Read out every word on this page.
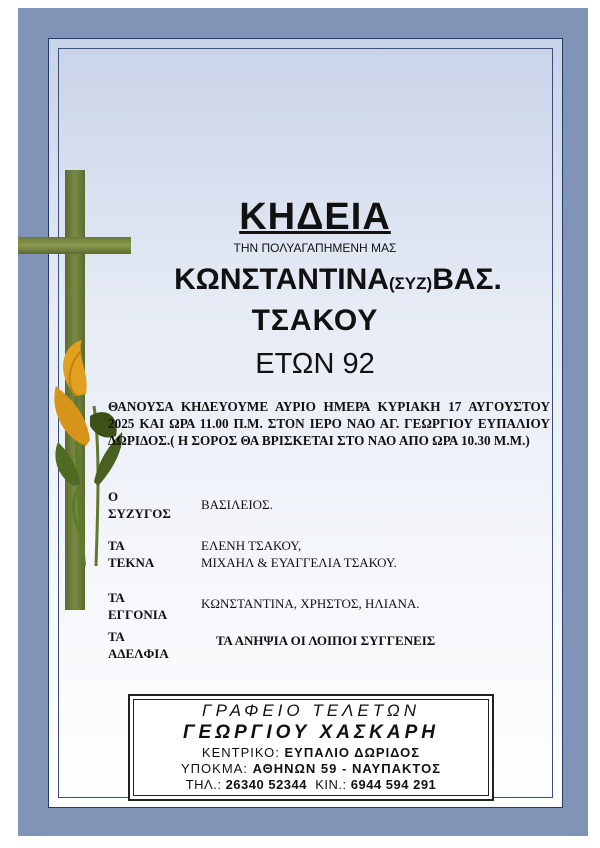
ΚΗΔΕΙΑ
ΤΗΝ ΠΟΛΥΑΓΑΠΗΜΕΝΗ ΜΑΣ
ΚΩΝΣΤΑΝΤΙΝΑ(ΣΥΖ)ΒΑΣ.
ΤΣΑΚΟΥ
ΕΤΩΝ 92
ΘΑΝΟΥΣΑ ΚΗΔΕΥΟΥΜΕ ΑΥΡΙΟ ΗΜΕΡΑ ΚΥΡΙΑΚΗ 17 ΑΥΓΟΥΣΤΟΥ 2025 ΚΑΙ ΩΡΑ 11.00 Π.Μ. ΣΤΟΝ ΙΕΡΟ ΝΑΟ ΑΓ. ΓΕΩΡΓΙΟΥ ΕΥΠΑΛΙΟΥ ΔΩΡΙΔΟΣ.( Η ΣΟΡΟΣ ΘΑ ΒΡΙΣΚΕΤΑΙ ΣΤΟ ΝΑΟ ΑΠΟ ΩΡΑ 10.30 Μ.Μ.)
Ο
ΣΥΖΥΓΟΣ
ΒΑΣΙΛΕΙΟΣ.
ΤΑ
ΤΕΚΝΑ
ΕΛΕΝΗ ΤΣΑΚΟΥ,
ΜΙΧΑΗΛ & ΕΥΑΓΓΕΛΙΑ ΤΣΑΚΟΥ.
ΤΑ
ΕΓΓΟΝΙΑ
ΚΩΝΣΤΑΝΤΙΝΑ, ΧΡΗΣΤΟΣ, ΗΛΙΑΝΑ.
ΤΑ
ΑΔΕΛΦΙΑ
ΤΑ ΑΝΗΨΙΑ ΟΙ ΛΟΙΠΟΙ ΣΥΓΓΕΝΕΙΣ
ΓΡΑΦΕΙΟ ΤΕΛΕΤΩΝ
ΓΕΩΡΓΙΟΥ ΧΑΣΚΑΡΗ
ΚΕΝΤΡΙΚΟ: ΕΥΠΑΛΙΟ ΔΩΡΙΔΟΣ
ΥΠΟΚΜΑ: ΑΘΗΝΩΝ 59 - ΝΑΥΠΑΚΤΟΣ
ΤΗΛ.: 26340 52344 ΚΙΝ.: 6944 594 291
